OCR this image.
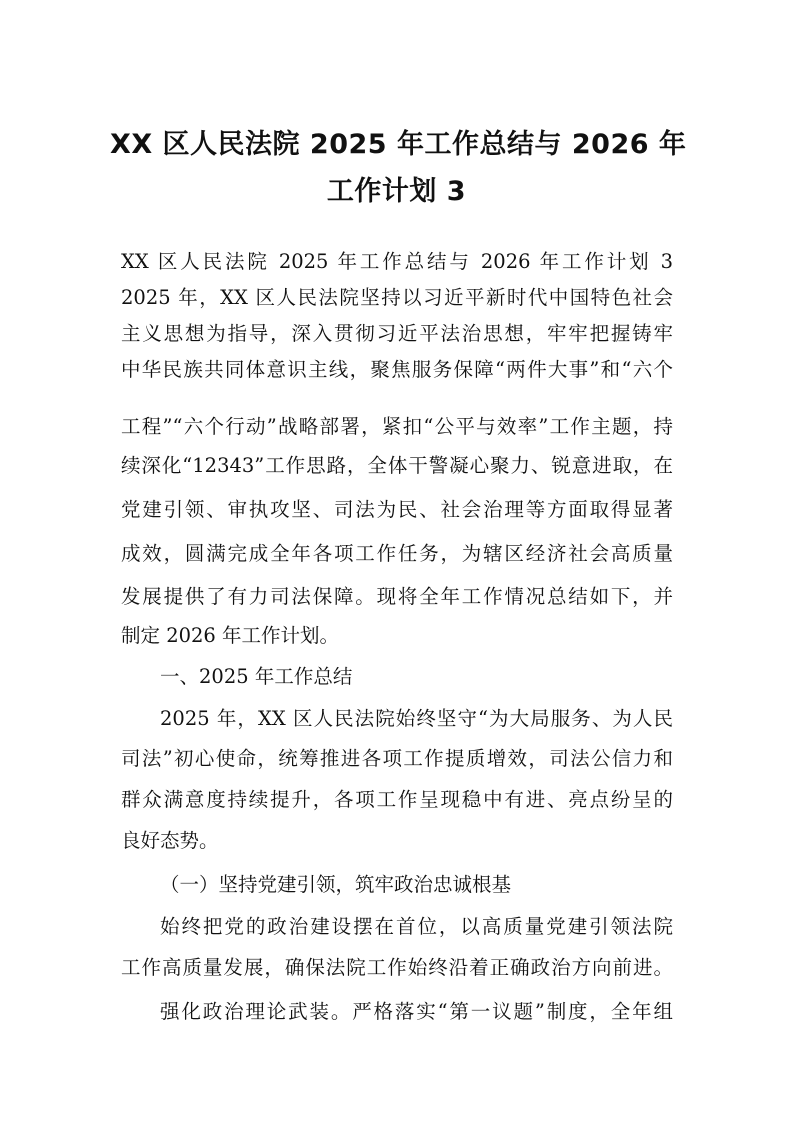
XX 区人民法院 2025 年工作总结与 2026 年
工作计划 3

XX 区人民法院 2025 年工作总结与 2026 年工作计划 3

2025 年，XX 区人民法院坚持以习近平新时代中国特色社会

主义思想为指导，深入贯彻习近平法治思想，牢牢把握铸牢

中华民族共同体意识主线，聚焦服务保障“两件大事”和“六个

工程”“六个行动”战略部署，紧扣“公平与效率”工作主题，持

续深化“12343”工作思路，全体干警凝心聚力、锐意进取，在

党建引领、审执攻坚、司法为民、社会治理等方面取得显著

成效，圆满完成全年各项工作任务，为辖区经济社会高质量

发展提供了有力司法保障。现将全年工作情况总结如下，并

制定 2026 年工作计划。

一、2025 年工作总结

2025 年，XX 区人民法院始终坚守“为大局服务、为人民

司法”初心使命，统筹推进各项工作提质增效，司法公信力和

群众满意度持续提升，各项工作呈现稳中有进、亮点纷呈的

良好态势。

（一）坚持党建引领，筑牢政治忠诚根基

始终把党的政治建设摆在首位，以高质量党建引领法院

工作高质量发展，确保法院工作始终沿着正确政治方向前进。

强化政治理论武装。严格落实“第一议题”制度，全年组
